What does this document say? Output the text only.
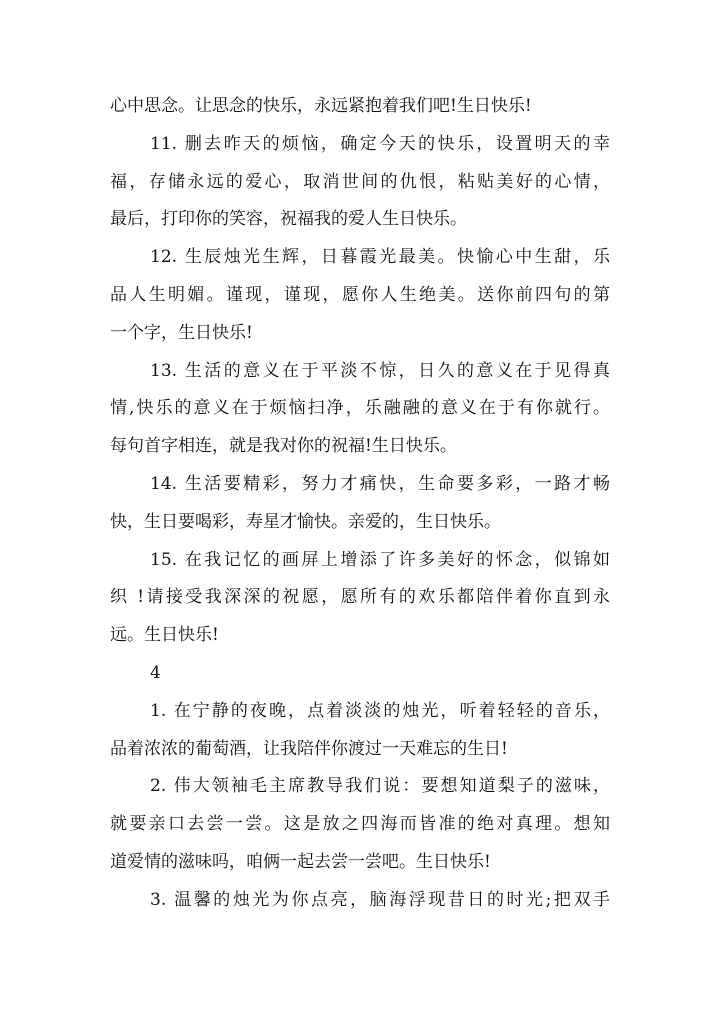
心中思念。让思念的快乐，永远紧抱着我们吧!生日快乐!
11. 删去昨天的烦恼，确定今天的快乐，设置明天的幸
福，存储永远的爱心，取消世间的仇恨，粘贴美好的心情，
最后，打印你的笑容，祝福我的爱人生日快乐。
12. 生辰烛光生辉，日暮霞光最美。快愉心中生甜，乐
品人生明媚。谨现，谨现，愿你人生绝美。送你前四句的第
一个字，生日快乐!
13. 生活的意义在于平淡不惊，日久的意义在于见得真
情,快乐的意义在于烦恼扫净，乐融融的意义在于有你就行。
每句首字相连，就是我对你的祝福!生日快乐。
14. 生活要精彩，努力才痛快，生命要多彩，一路才畅
快，生日要喝彩，寿星才愉快。亲爱的，生日快乐。
15. 在我记忆的画屏上增添了许多美好的怀念，似锦如
织 !请接受我深深的祝愿，愿所有的欢乐都陪伴着你直到永
远。生日快乐!
4
1. 在宁静的夜晚，点着淡淡的烛光，听着轻轻的音乐，
品着浓浓的葡萄酒，让我陪伴你渡过一天难忘的生日!
2. 伟大领袖毛主席教导我们说：要想知道梨子的滋味，
就要亲口去尝一尝。这是放之四海而皆准的绝对真理。想知
道爱情的滋味吗，咱俩一起去尝一尝吧。生日快乐!
3. 温馨的烛光为你点亮，脑海浮现昔日的时光;把双手
